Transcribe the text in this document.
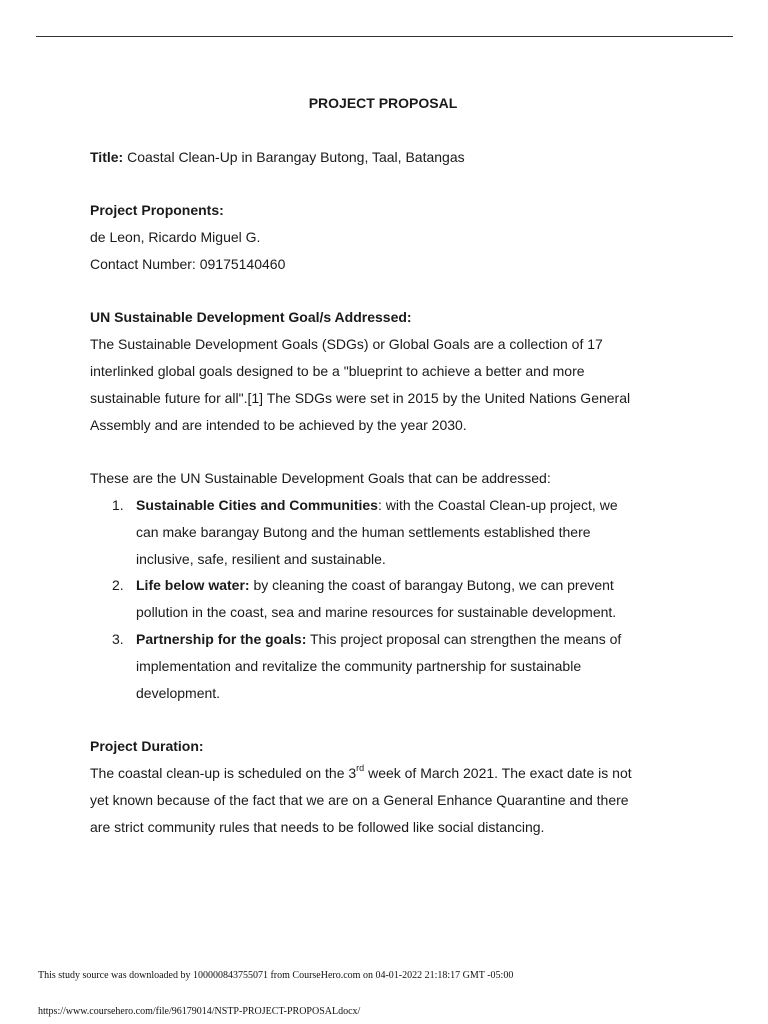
PROJECT PROPOSAL

Title: Coastal Clean-Up in Barangay Butong, Taal, Batangas

Project Proponents:

de Leon, Ricardo Miguel G.

Contact Number: 09175140460

UN Sustainable Development Goal/s Addressed:

The Sustainable Development Goals (SDGs) or Global Goals are a collection of 17

interlinked global goals designed to be a "blueprint to achieve a better and more

sustainable future for all".[1] The SDGs were set in 2015 by the United Nations General

Assembly and are intended to be achieved by the year 2030.

These are the UN Sustainable Development Goals that can be addressed:

1. Sustainable Cities and Communities: with the Coastal Clean-up project, we
can make barangay Butong and the human settlements established there
inclusive, safe, resilient and sustainable.
2. Life below water: by cleaning the coast of barangay Butong, we can prevent
pollution in the coast, sea and marine resources for sustainable development.
3. Partnership for the goals: This project proposal can strengthen the means of
implementation and revitalize the community partnership for sustainable
development.

Project Duration:

The coastal clean-up is scheduled on the 3rd week of March 2021. The exact date is not

yet known because of the fact that we are on a General Enhance Quarantine and there

are strict community rules that needs to be followed like social distancing.

This study source was downloaded by 100000843755071 from CourseHero.com on 04-01-2022 21:18:17 GMT -05:00
https://www.coursehero.com/file/96179014/NSTP-PROJECT-PROPOSALdocx/
